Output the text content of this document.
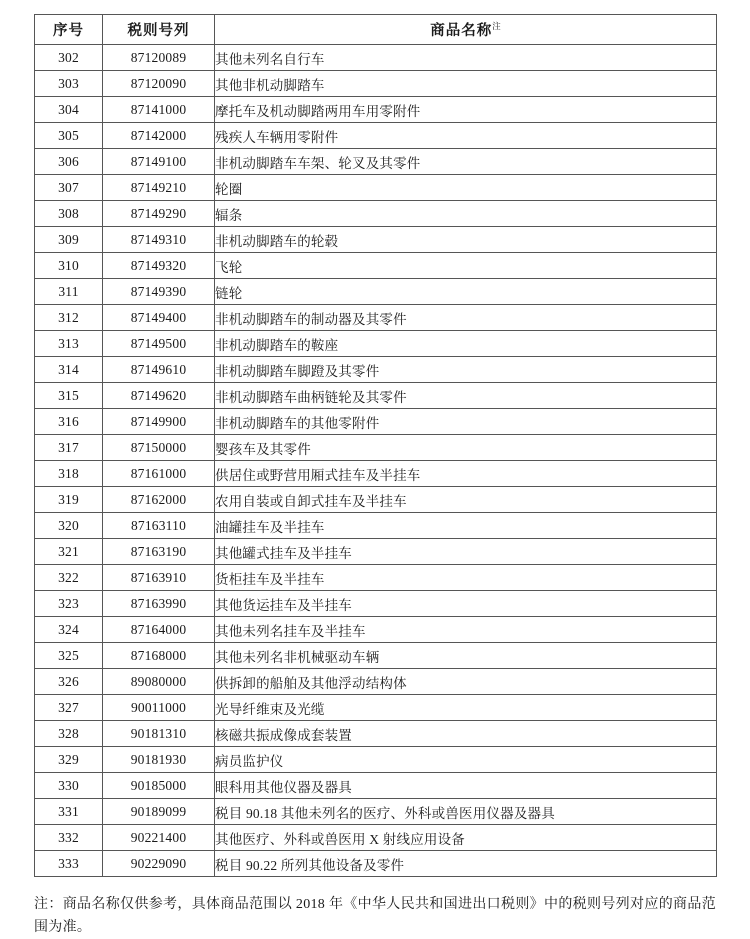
序号	税则号列	商品名称$^注$
302	87120089	其他未列名自行车
303	87120090	其他非机动脚踏车
304	87141000	摩托车及机动脚踏两用车用零附件
305	87142000	残疾人车辆用零附件
306	87149100	非机动脚踏车车架、轮叉及其零件
307	87149210	轮圈
308	87149290	辐条
309	87149310	非机动脚踏车的轮毂
310	87149320	飞轮
311	87149390	链轮
312	87149400	非机动脚踏车的制动器及其零件
313	87149500	非机动脚踏车的鞍座
314	87149610	非机动脚踏车脚蹬及其零件
315	87149620	非机动脚踏车曲柄链轮及其零件
316	87149900	非机动脚踏车的其他零附件
317	87150000	婴孩车及其零件
318	87161000	供居住或野营用厢式挂车及半挂车
319	87162000	农用自装或自卸式挂车及半挂车
320	87163110	油罐挂车及半挂车
321	87163190	其他罐式挂车及半挂车
322	87163910	货柜挂车及半挂车
323	87163990	其他货运挂车及半挂车
324	87164000	其他未列名挂车及半挂车
325	87168000	其他未列名非机械驱动车辆
326	89080000	供拆卸的船舶及其他浮动结构体
327	90011000	光导纤维束及光缆
328	90181310	核磁共振成像成套装置
329	90181930	病员监护仪
330	90185000	眼科用其他仪器及器具
331	90189099	税目 90.18 其他未列名的医疗、外科或兽医用仪器及器具
332	90221400	其他医疗、外科或兽医用 X 射线应用设备
333	90229090	税目 90.22 所列其他设备及零件
注：商品名称仅供参考，具体商品范围以 2018 年《中华人民共和国进出口税则》中的税则号列对应的商品范围为准。
